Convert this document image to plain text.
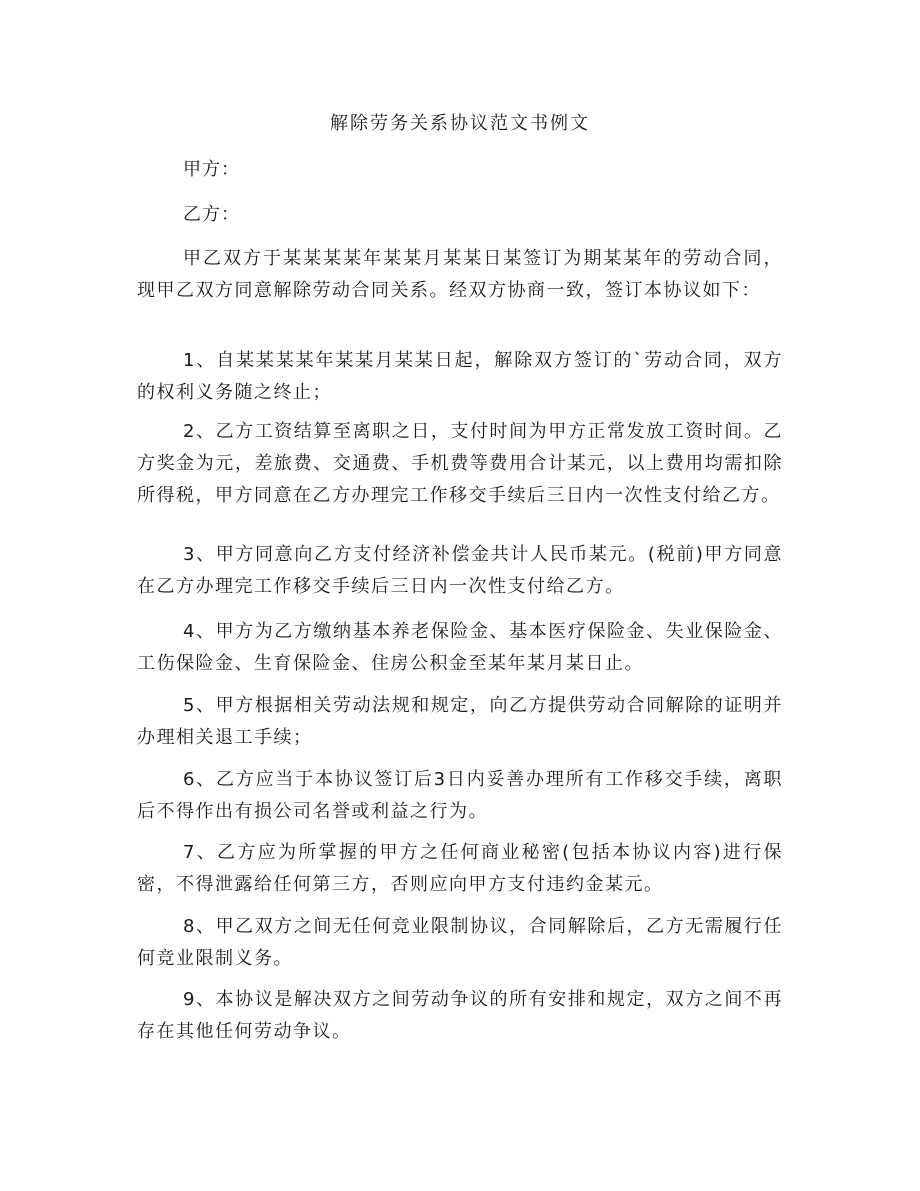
解除劳务关系协议范文书例文
甲方：
乙方：
甲乙双方于某某某某年某某月某某日某签订为期某某年的劳动合同，现甲乙双方同意解除劳动合同关系。经双方协商一致，签订本协议如下：
1、自某某某某年某某月某某日起，解除双方签订的`劳动合同，双方的权利义务随之终止；
2、乙方工资结算至离职之日，支付时间为甲方正常发放工资时间。乙方奖金为元，差旅费、交通费、手机费等费用合计某元，以上费用均需扣除所得税，甲方同意在乙方办理完工作移交手续后三日内一次性支付给乙方。
3、甲方同意向乙方支付经济补偿金共计人民币某元。(税前)甲方同意在乙方办理完工作移交手续后三日内一次性支付给乙方。
4、甲方为乙方缴纳基本养老保险金、基本医疗保险金、失业保险金、工伤保险金、生育保险金、住房公积金至某年某月某日止。
5、甲方根据相关劳动法规和规定，向乙方提供劳动合同解除的证明并办理相关退工手续；
6、乙方应当于本协议签订后3日内妥善办理所有工作移交手续，离职后不得作出有损公司名誉或利益之行为。
7、乙方应为所掌握的甲方之任何商业秘密(包括本协议内容)进行保密，不得泄露给任何第三方，否则应向甲方支付违约金某元。
8、甲乙双方之间无任何竞业限制协议，合同解除后，乙方无需履行任何竞业限制义务。
9、本协议是解决双方之间劳动争议的所有安排和规定，双方之间不再存在其他任何劳动争议。
